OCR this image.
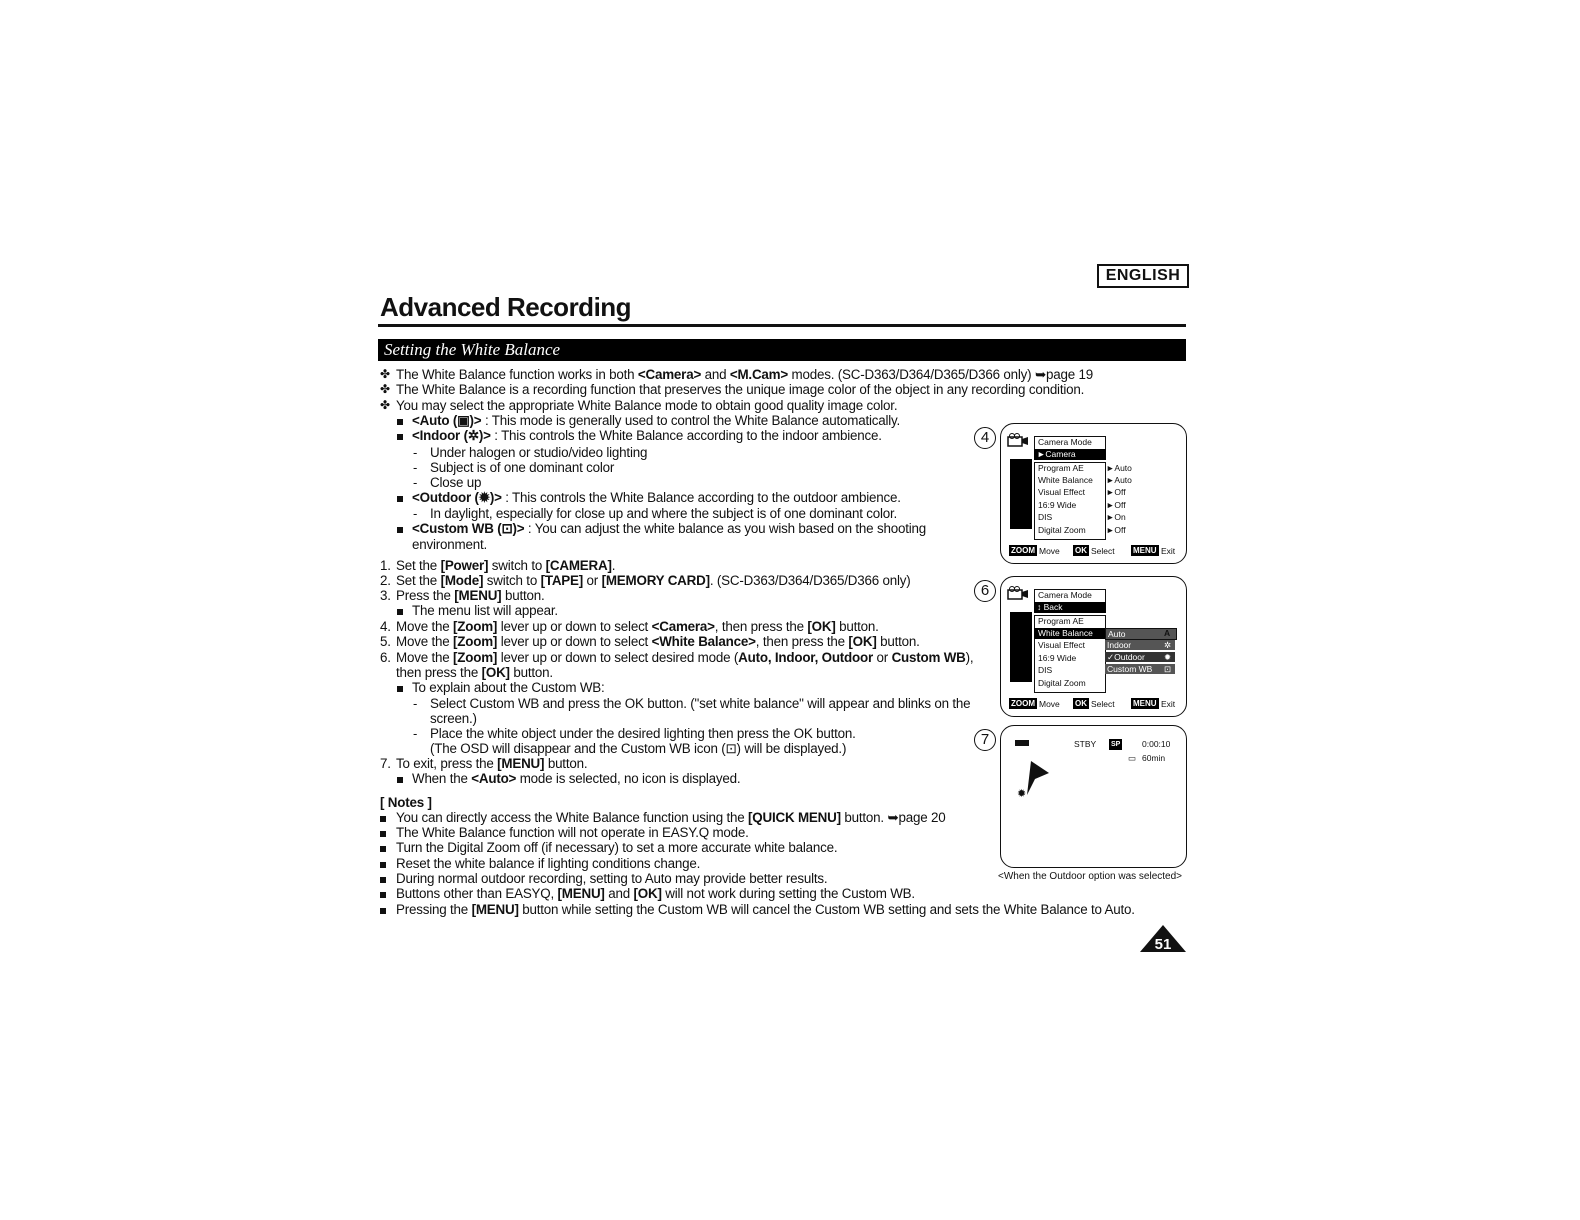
ENGLISH
Advanced Recording
Setting the White Balance
✤ The White Balance function works in both <Camera> and <M.Cam> modes. (SC-D363/D364/D365/D366 only) ➥page 19
✤ The White Balance is a recording function that preserves the unique image color of the object in any recording condition.
✤ You may select the appropriate White Balance mode to obtain good quality image color.
<Auto (▣)> : This mode is generally used to control the White Balance automatically.
<Indoor (✲)> : This controls the White Balance according to the indoor ambience.
- Under halogen or studio/video lighting
- Subject is of one dominant color
- Close up
<Outdoor (✹)> : This controls the White Balance according to the outdoor ambience.
- In daylight, especially for close up and where the subject is of one dominant color.
<Custom WB (⊡)> : You can adjust the white balance as you wish based on the shooting
environment.
1. Set the [Power] switch to [CAMERA].
2. Set the [Mode] switch to [TAPE] or [MEMORY CARD]. (SC-D363/D364/D365/D366 only)
3. Press the [MENU] button.
The menu list will appear.
4. Move the [Zoom] lever up or down to select <Camera>, then press the [OK] button.
5. Move the [Zoom] lever up or down to select <White Balance>, then press the [OK] button.
6. Move the [Zoom] lever up or down to select desired mode (Auto, Indoor, Outdoor or Custom WB),
then press the [OK] button.
To explain about the Custom WB:
- Select Custom WB and press the OK button. ("set white balance" will appear and blinks on the
screen.)
- Place the white object under the desired lighting then press the OK button.
(The OSD will disappear and the Custom WB icon (⊡) will be displayed.)
7. To exit, press the [MENU] button.
When the <Auto> mode is selected, no icon is displayed.
[ Notes ]
You can directly access the White Balance function using the [QUICK MENU] button. ➥page 20
The White Balance function will not operate in EASY.Q mode.
Turn the Digital Zoom off (if necessary) to set a more accurate white balance.
Reset the white balance if lighting conditions change.
During normal outdoor recording, setting to Auto may provide better results.
Buttons other than EASYQ, [MENU] and [OK] will not work during setting the Custom WB.
Pressing the [MENU] button while setting the Custom WB will cancel the Custom WB setting and sets the White Balance to Auto.
4	Camera Mode
►Camera
Program AE	►Auto
White Balance ►Auto
Visual Effect ►Off
16:9 Wide	►Off
DIS	►On
Digital Zoom ►Off
ZOOM Move OK Select MENU Exit
6	Camera Mode
↕ Back
Program AE
White Balance
Visual Effect
16:9 Wide
DIS
Digital Zoom
Auto	A
Indoor	✲
✓Outdoor	✹
Custom WB	⊡
ZOOM Move OK Select MENU Exit
7	STBY SP	0:00:10
▭ 60min
✹
<When the Outdoor option was selected>
51
